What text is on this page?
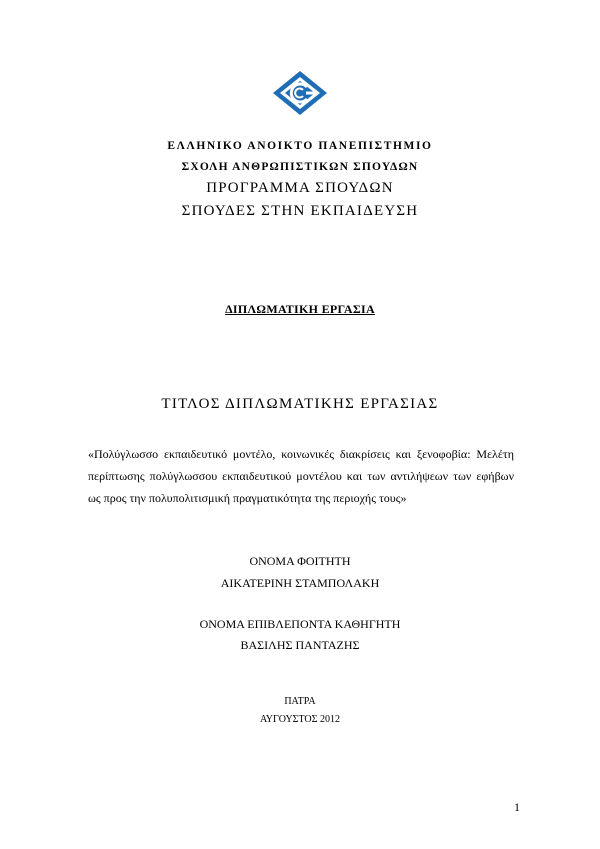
ΕΛΛΗΝΙΚΟ ΑΝΟΙΚΤΟ ΠΑΝΕΠΙΣΤΗΜΙΟ
ΣΧΟΛΗ ΑΝΘΡΩΠΙΣΤΙΚΩΝ ΣΠΟΥΔΩΝ
ΠΡΟΓΡΑΜΜΑ ΣΠΟΥΔΩΝ
ΣΠΟΥΔΕΣ ΣΤΗΝ ΕΚΠΑΙΔΕΥΣΗ
ΔΙΠΛΩΜΑΤΙΚΗ ΕΡΓΑΣΙΑ
ΤΙΤΛΟΣ ΔΙΠΛΩΜΑΤΙΚΗΣ ΕΡΓΑΣΙΑΣ
«Πολύγλωσσο εκπαιδευτικό μοντέλο, κοινωνικές διακρίσεις και ξενοφοβία: Μελέτη
περίπτωσης πολύγλωσσου εκπαιδευτικού μοντέλου και των αντιλήψεων των εφήβων
ως προς την πολυπολιτισμική πραγματικότητα της περιοχής τους»
ΟΝΟΜΑ ΦΟΙΤΗΤΗ
ΑΙΚΑΤΕΡΙΝΗ ΣΤΑΜΠΟΛΑΚΗ
ΟΝΟΜΑ ΕΠΙΒΛΕΠΟΝΤΑ ΚΑΘΗΓΗΤΗ
ΒΑΣΙΛΗΣ ΠΑΝΤΑΖΗΣ
ΠΑΤΡΑ
ΑΥΓΟΥΣΤΟΣ 2012
1
